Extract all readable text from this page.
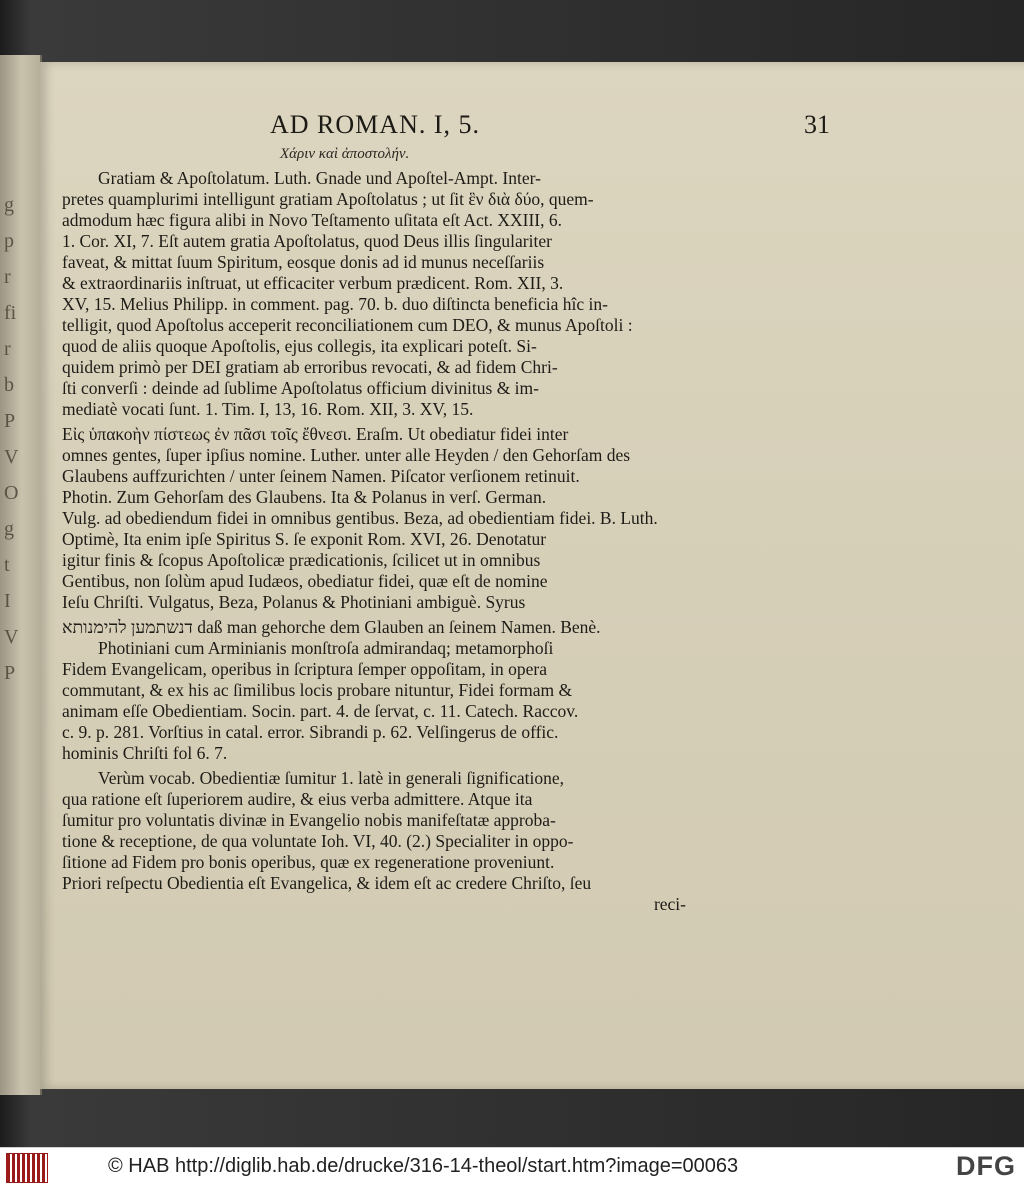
g
p
r
fi
r
b
P
V
O
g
t
I
V
P
AD ROMAN. I, 5.	31
Χάριν καὶ ἀποστολήν.
Gratiam & Apoſtolatum. Luth. Gnade und Apoſtel-Ampt. Inter-
pretes quamplurimi intelligunt gratiam Apoſtolatus ; ut ſit ἓν διὰ δύο, quem-
admodum hæc figura alibi in Novo Teſtamento uſitata eſt Act. XXIII, 6.
1. Cor. XI, 7. Eſt autem gratia Apoſtolatus, quod Deus illis ſingulariter
faveat, & mittat ſuum Spiritum, eosque donis ad id munus neceſſariis
& extraordinariis inſtruat, ut efficaciter verbum prædicent. Rom. XII, 3.
XV, 15. Melius Philipp. in comment. pag. 70. b. duo diſtincta beneficia hîc in-
telligit, quod Apoſtolus acceperit reconciliationem cum DEO, & munus Apoſtoli :
quod de aliis quoque Apoſtolis, ejus collegis, ita explicari poteſt. Si-
quidem primò per DEI gratiam ab erroribus revocati, & ad fidem Chri-
ſti converſi : deinde ad ſublime Apoſtolatus officium divinitus & im-
mediatè vocati ſunt. 1. Tim. I, 13, 16. Rom. XII, 3. XV, 15.
Εἰς ὑπακοὴν πίστεως ἐν πᾶσι τοῖς ἔθνεσι. Eraſm. Ut obediatur fidei inter
omnes gentes, ſuper ipſius nomine. Luther. unter alle Heyden / den Gehorſam des
Glaubens auffzurichten / unter ſeinem Namen. Piſcator verſionem retinuit.
Photin. Zum Gehorſam des Glaubens. Ita & Polanus in verſ. German.
Vulg. ad obediendum fidei in omnibus gentibus. Beza, ad obedientiam fidei. B. Luth.
Optimè, Ita enim ipſe Spiritus S. ſe exponit Rom. XVI, 26. Denotatur
igitur finis & ſcopus Apoſtolicæ prædicationis, ſcilicet ut in omnibus
Gentibus, non ſolùm apud Iudæos, obediatur fidei, quæ eſt de nomine
Ieſu Chriſti. Vulgatus, Beza, Polanus & Photiniani ambiguè. Syrus
דנשתמען להימנותא daß man gehorche dem Glauben an ſeinem Namen. Benè.
Photiniani cum Arminianis monſtroſa admirandaq; metamorphoſi
Fidem Evangelicam, operibus in ſcriptura ſemper oppoſitam, in opera
commutant, & ex his ac ſimilibus locis probare nituntur, Fidei formam &
animam eſſe Obedientiam. Socin. part. 4. de ſervat, c. 11. Catech. Raccov.
c. 9. p. 281. Vorſtius in catal. error. Sibrandi p. 62. Velſingerus de offic.
hominis Chriſti fol 6. 7.
Verùm vocab. Obedientiæ ſumitur 1. latè in generali ſignificatione,
qua ratione eſt ſuperiorem audire, & eius verba admittere. Atque ita
ſumitur pro voluntatis divinæ in Evangelio nobis manifeſtatæ approba-
tione & receptione, de qua voluntate Ioh. VI, 40. (2.) Specialiter in oppo-
ſitione ad Fidem pro bonis operibus, quæ ex regeneratione proveniunt.
Priori reſpectu Obedientia eſt Evangelica, & idem eſt ac credere Chriſto, ſeu
reci-
© HAB http://diglib.hab.de/drucke/316-14-theol/start.htm?image=00063	DFG
